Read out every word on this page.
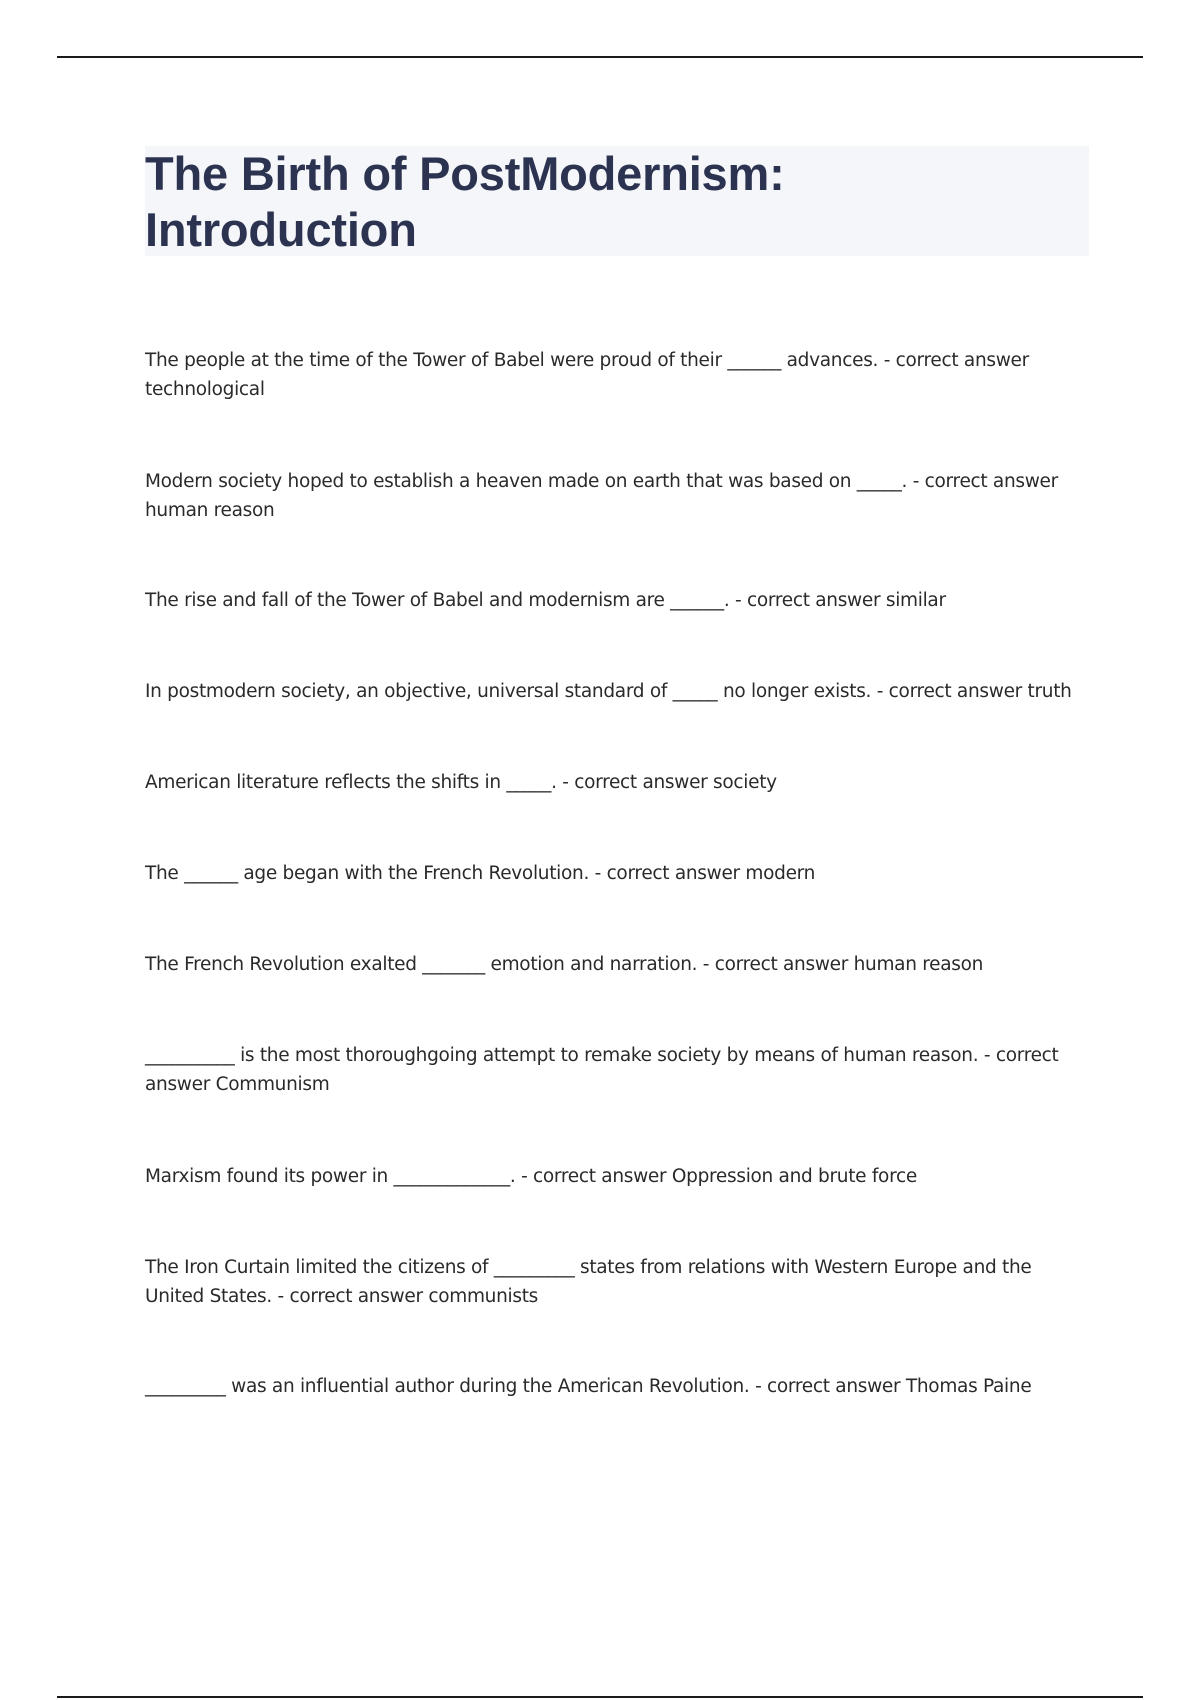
The Birth of PostModernism:
Introduction

The people at the time of the Tower of Babel were proud of their ______ advances. - correct answer technological

Modern society hoped to establish a heaven made on earth that was based on _____. - correct answer human reason

The rise and fall of the Tower of Babel and modernism are ______. - correct answer similar

In postmodern society, an objective, universal standard of _____ no longer exists. - correct answer truth

American literature reflects the shifts in _____. - correct answer society

The ______ age began with the French Revolution. - correct answer modern

The French Revolution exalted _______ emotion and narration. - correct answer human reason

__________ is the most thoroughgoing attempt to remake society by means of human reason. - correct answer Communism

Marxism found its power in _____________. - correct answer Oppression and brute force

The Iron Curtain limited the citizens of _________ states from relations with Western Europe and the United States. - correct answer communists

_________ was an influential author during the American Revolution. - correct answer Thomas Paine
